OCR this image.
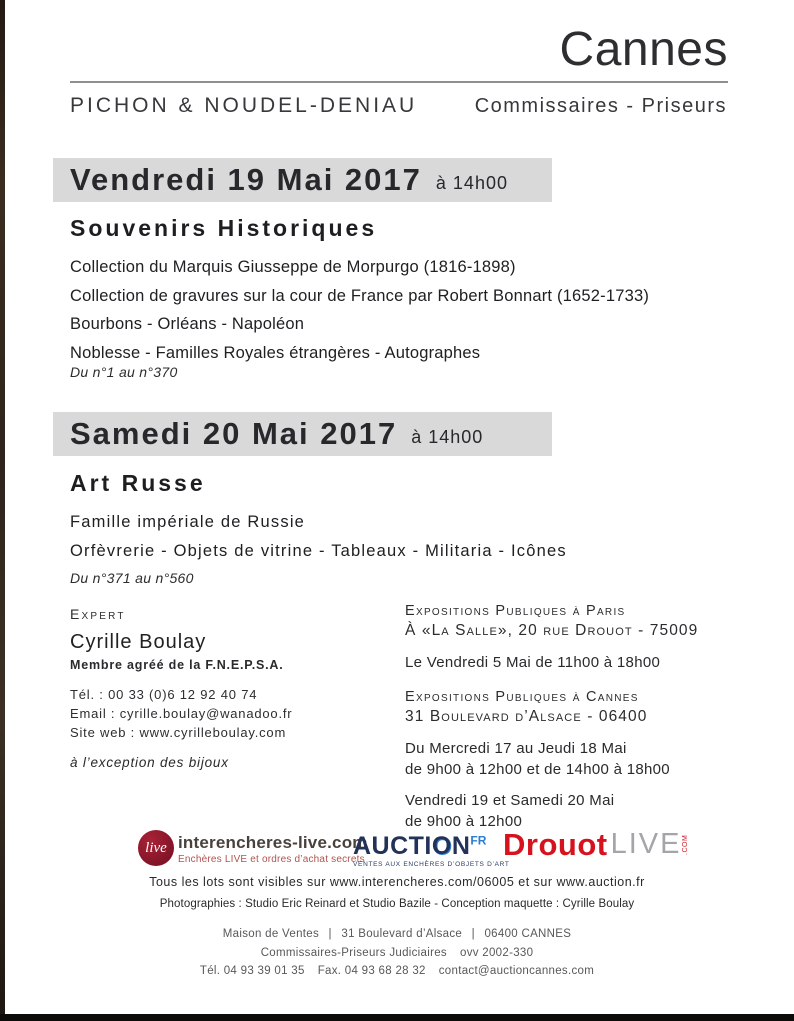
Cannes
PICHON & NOUDEL-DENIAU	Commissaires - Priseurs
Vendredi 19 Mai 2017 à 14h00
Souvenirs Historiques
Collection du Marquis Giusseppe de Morpurgo (1816-1898)
Collection de gravures sur la cour de France par Robert Bonnart (1652-1733)
Bourbons - Orléans - Napoléon
Noblesse - Familles Royales étrangères - Autographes
Du n°1 au n°370
Samedi 20 Mai 2017 à 14h00
Art Russe
Famille impériale de Russie
Orfèvrerie - Objets de vitrine - Tableaux - Militaria - Icônes
Du n°371 au n°560
Expert
Cyrille Boulay
Membre agréé de la F.N.E.P.S.A.
Tél. : 00 33 (0)6 12 92 40 74
Email : cyrille.boulay@wanadoo.fr
Site web : www.cyrilleboulay.com
à l’exception des bijoux
Expositions Publiques à Paris
À «La Salle», 20 rue Drouot - 75009
Le Vendredi 5 Mai de 11h00 à 18h00
Expositions Publiques à Cannes
31 Boulevard d’Alsace - 06400
Du Mercredi 17 au Jeudi 18 Mai
de 9h00 à 12h00 et de 14h00 à 18h00
Vendredi 19 et Samedi 20 Mai
de 9h00 à 12h00
live interencheres-live.com
Enchères LIVE et ordres d’achat secrets
$AUCTION^{FR}$
VENTES AUX ENCHÈRES D’OBJETS D’ART
Drouot LIVE .COM
Tous les lots sont visibles sur www.interencheres.com/06005 et sur www.auction.fr
Photographies : Studio Eric Reinard et Studio Bazile - Conception maquette : Cyrille Boulay
Maison de Ventes  |  31 Boulevard d’Alsace  |  06400 CANNES
Commissaires-Priseurs Judiciaires   ovv 2002-330
Tél. 04 93 39 01 35   Fax. 04 93 68 28 32   contact@auctioncannes.com
